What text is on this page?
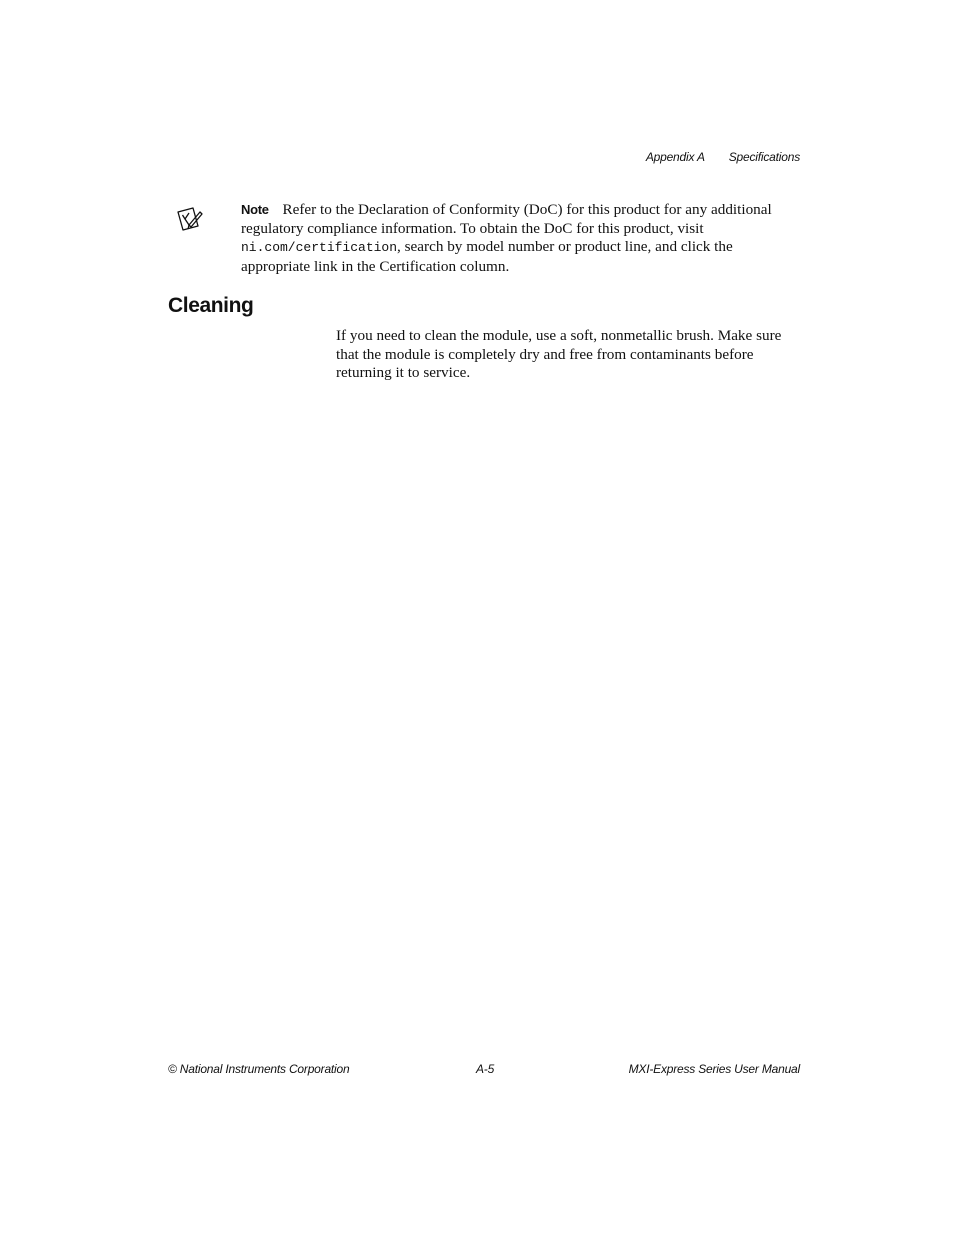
Appendix A Specifications
Note Refer to the Declaration of Conformity (DoC) for this product for any additional regulatory compliance information. To obtain the DoC for this product, visit ni.com/certification, search by model number or product line, and click the appropriate link in the Certification column.
Cleaning

If you need to clean the module, use a soft, nonmetallic brush. Make sure that the module is completely dry and free from contaminants before returning it to service.

© National Instruments Corporation	A-5	MXI-Express Series User Manual
